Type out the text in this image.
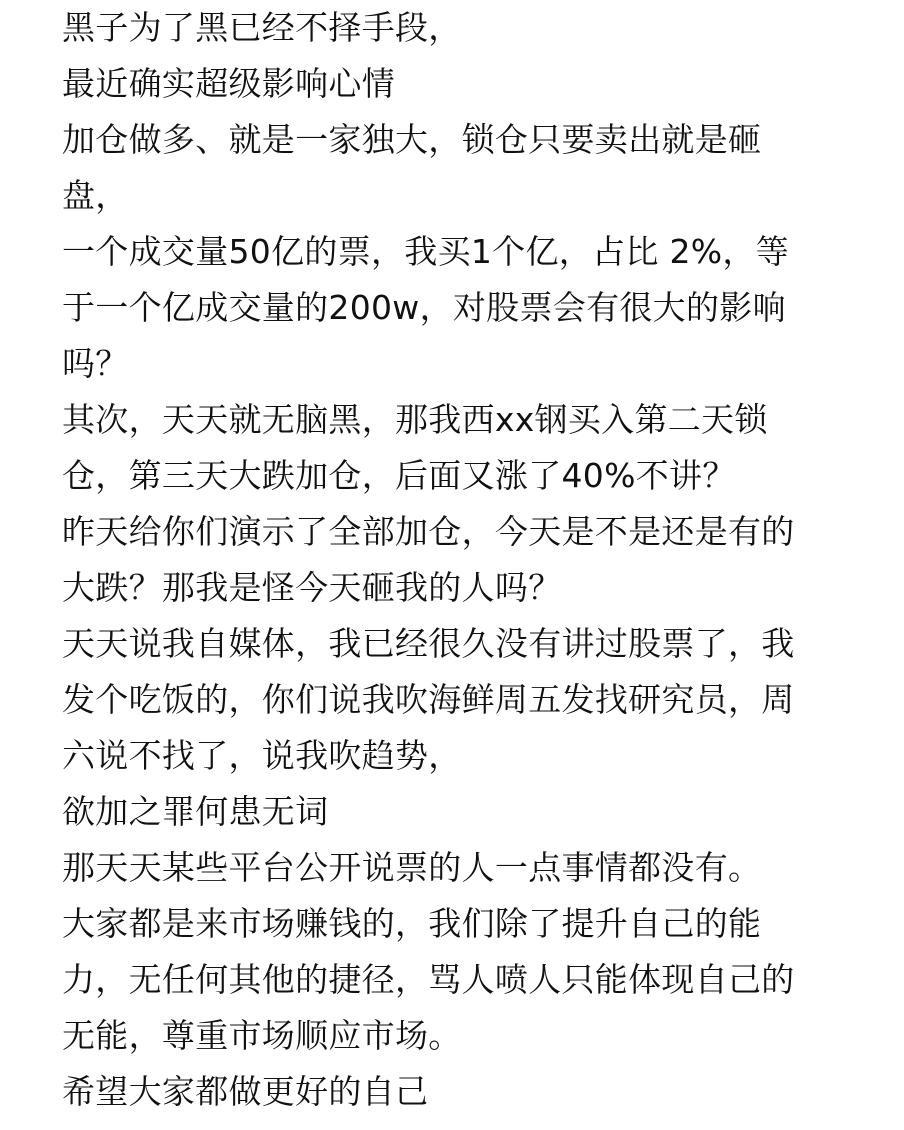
黑子为了黑已经不择手段，
最近确实超级影响心情
加仓做多、就是一家独大，锁仓只要卖出就是砸
盘，
一个成交量50亿的票，我买1个亿，占比 2%，等
于一个亿成交量的200w，对股票会有很大的影响
吗？
其次，天天就无脑黑，那我西xx钢买入第二天锁
仓，第三天大跌加仓，后面又涨了40%不讲？
昨天给你们演示了全部加仓，今天是不是还是有的
大跌？那我是怪今天砸我的人吗？
天天说我自媒体，我已经很久没有讲过股票了，我
发个吃饭的，你们说我吹海鲜周五发找研究员，周
六说不找了，说我吹趋势，
欲加之罪何患无词
那天天某些平台公开说票的人一点事情都没有。
大家都是来市场赚钱的，我们除了提升自己的能
力，无任何其他的捷径，骂人喷人只能体现自己的
无能，尊重市场顺应市场。
希望大家都做更好的自己
